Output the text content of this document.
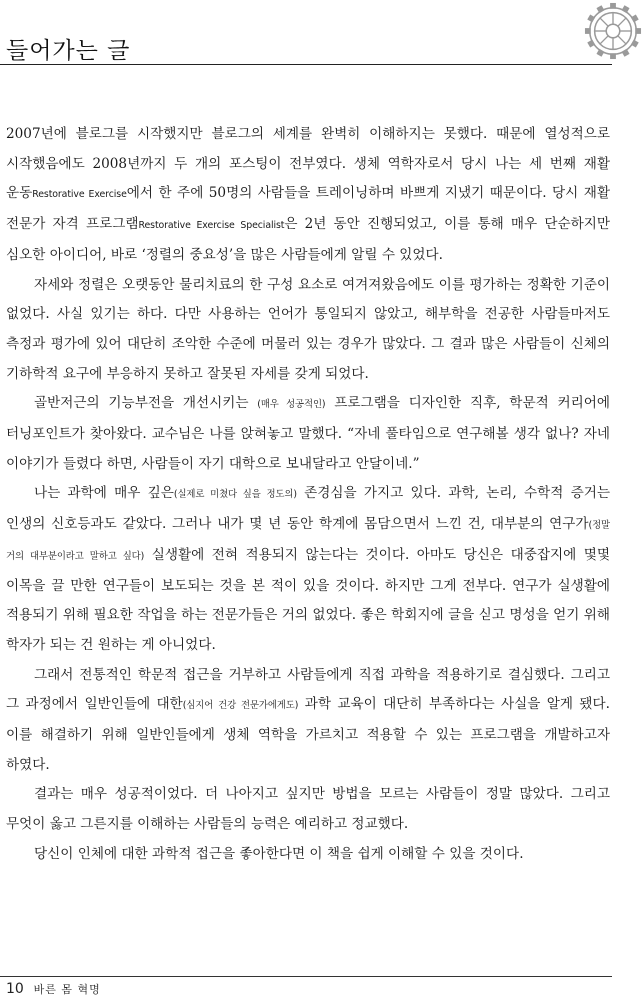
들어가는 글

2007년에 블로그를 시작했지만 블로그의 세계를 완벽히 이해하지는 못했다. 때문에 열성적으로 시작했음에도 2008년까지 두 개의 포스팅이 전부였다. 생체 역학자로서 당시 나는 세 번째 재활 운동Restorative Exercise에서 한 주에 50명의 사람들을 트레이닝하며 바쁘게 지냈기 때문이다. 당시 재활 전문가 자격 프로그램Restorative Exercise Specialist은 2년 동안 진행되었고, 이를 통해 매우 단순하지만 심오한 아이디어, 바로 ‘정렬의 중요성’을 많은 사람들에게 알릴 수 있었다.

자세와 정렬은 오랫동안 물리치료의 한 구성 요소로 여겨져왔음에도 이를 평가하는 정확한 기준이 없었다. 사실 있기는 하다. 다만 사용하는 언어가 통일되지 않았고, 해부학을 전공한 사람들마저도 측정과 평가에 있어 대단히 조악한 수준에 머물러 있는 경우가 많았다. 그 결과 많은 사람들이 신체의 기하학적 요구에 부응하지 못하고 잘못된 자세를 갖게 되었다.

골반저근의 기능부전을 개선시키는 (매우 성공적인) 프로그램을 디자인한 직후, 학문적 커리어에 터닝포인트가 찾아왔다. 교수님은 나를 앉혀놓고 말했다. “자네 풀타임으로 연구해볼 생각 없나? 자네 이야기가 들렸다 하면, 사람들이 자기 대학으로 보내달라고 안달이네.”

나는 과학에 매우 깊은(실제로 미쳤다 싶을 정도의) 존경심을 가지고 있다. 과학, 논리, 수학적 증거는 인생의 신호등과도 같았다. 그러나 내가 몇 년 동안 학계에 몸담으면서 느낀 건, 대부분의 연구가(정말 거의 대부분이라고 말하고 싶다) 실생활에 전혀 적용되지 않는다는 것이다. 아마도 당신은 대중잡지에 몇몇 이목을 끌 만한 연구들이 보도되는 것을 본 적이 있을 것이다. 하지만 그게 전부다. 연구가 실생활에 적용되기 위해 필요한 작업을 하는 전문가들은 거의 없었다. 좋은 학회지에 글을 싣고 명성을 얻기 위해 학자가 되는 건 원하는 게 아니었다.

그래서 전통적인 학문적 접근을 거부하고 사람들에게 직접 과학을 적용하기로 결심했다. 그리고 그 과정에서 일반인들에 대한(심지어 건강 전문가에게도) 과학 교육이 대단히 부족하다는 사실을 알게 됐다. 이를 해결하기 위해 일반인들에게 생체 역학을 가르치고 적용할 수 있는 프로그램을 개발하고자 하였다.

결과는 매우 성공적이었다. 더 나아지고 싶지만 방법을 모르는 사람들이 정말 많았다. 그리고 무엇이 옳고 그른지를 이해하는 사람들의 능력은 예리하고 정교했다.

당신이 인체에 대한 과학적 접근을 좋아한다면 이 책을 쉽게 이해할 수 있을 것이다.

10 바른 몸 혁명
